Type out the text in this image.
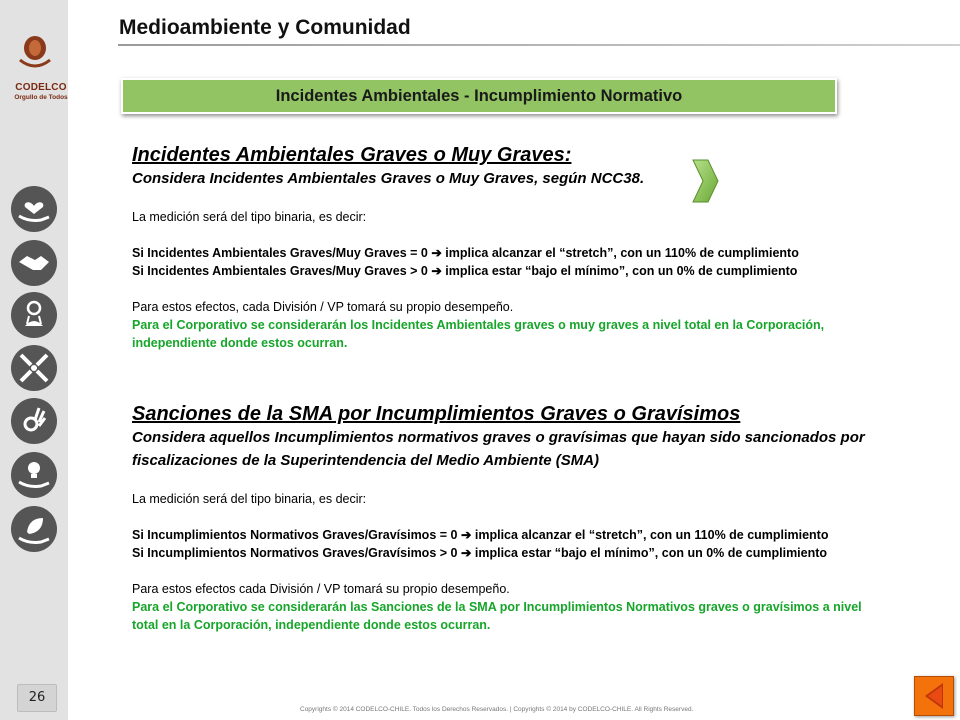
CODELCO
Orgullo de Todos
26
Medioambiente y Comunidad
Incidentes Ambientales - Incumplimiento Normativo

Incidentes Ambientales Graves o Muy Graves:

Considera Incidentes Ambientales Graves o Muy Graves, según NCC38.

La medición será del tipo binaria, es decir:

Si Incidentes Ambientales Graves/Muy Graves = 0 ➔ implica alcanzar el “stretch”, con un 110% de cumplimiento

Si Incidentes Ambientales Graves/Muy Graves > 0 ➔ implica estar “bajo el mínimo”, con un 0% de cumplimiento

Para estos efectos, cada División / VP tomará su propio desempeño.

Para el Corporativo se considerarán los Incidentes Ambientales graves o muy graves a nivel total en la Corporación,

independiente donde estos ocurran.

Sanciones de la SMA por Incumplimientos Graves o Gravísimos

Considera aquellos Incumplimientos normativos graves o gravísimas que hayan sido sancionados por

fiscalizaciones de la Superintendencia del Medio Ambiente (SMA)

La medición será del tipo binaria, es decir:

Si Incumplimientos Normativos Graves/Gravísimos = 0 ➔ implica alcanzar el “stretch”, con un 110% de cumplimiento

Si Incumplimientos Normativos Graves/Gravísimos > 0 ➔ implica estar “bajo el mínimo”, con un 0% de cumplimiento

Para estos efectos cada División / VP tomará su propio desempeño.

Para el Corporativo se considerarán las Sanciones de la SMA por Incumplimientos Normativos graves o gravísimos a nivel

total en la Corporación, independiente donde estos ocurran.

Copyrights © 2014 CODELCO-CHILE. Todos los Derechos Reservados. | Copyrights © 2014 by CODELCO-CHILE. All Rights Reserved.
